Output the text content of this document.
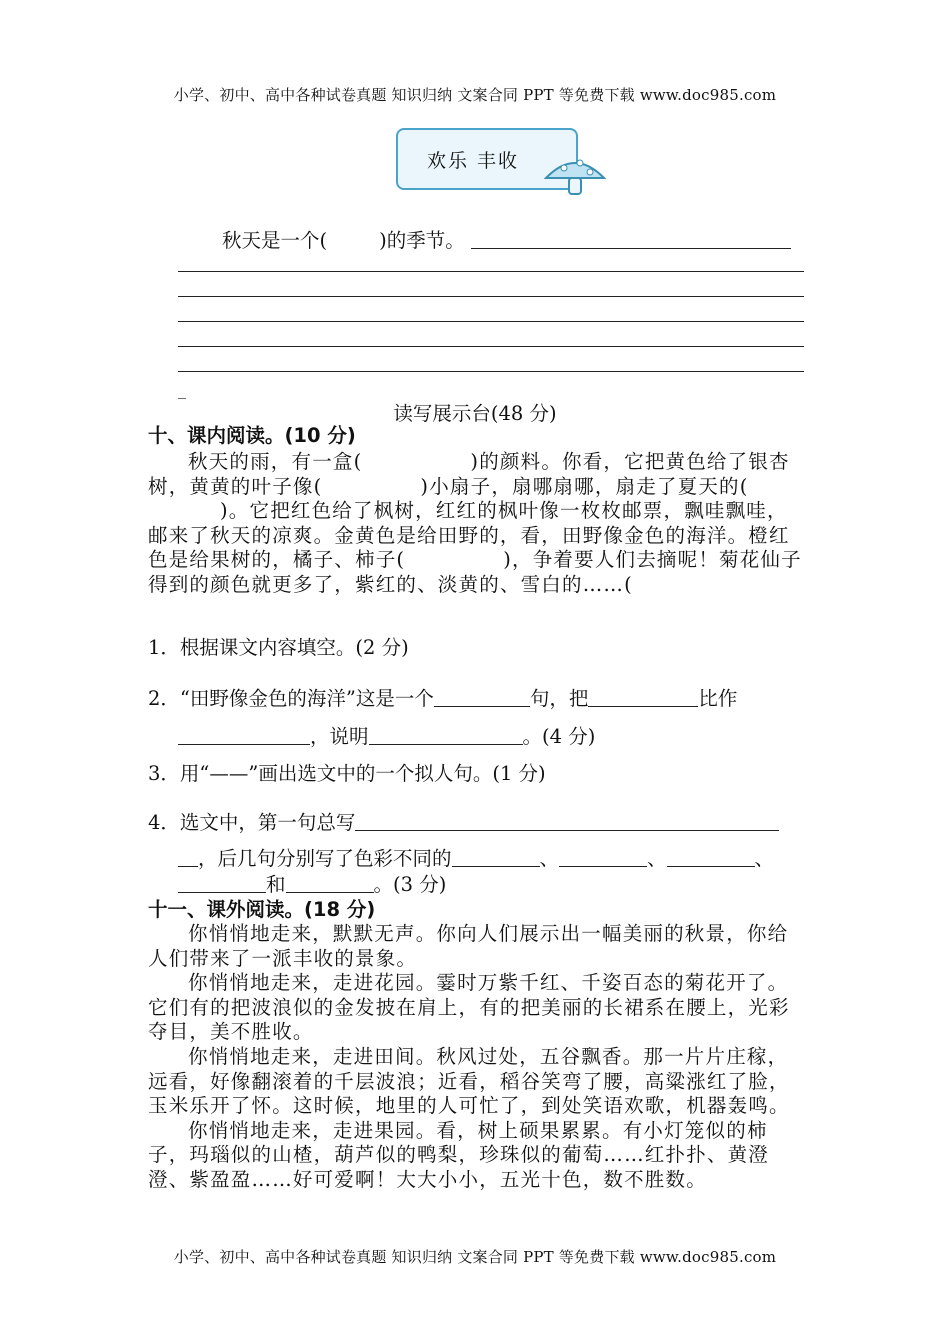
小学、初中、高中各种试卷真题 知识归纳 文案合同 PPT 等免费下载 www.doc985.com
欢乐 丰收
秋天是一个(	)的季节。
_
读写展示台(48 分)
十、课内阅读。(10 分)

秋天的雨，有一盒(	)的颜料。你看，它把黄色给了银杏树，黄黄的叶子像(	)小扇子，扇哪扇哪，扇走了夏天的()。它把红色给了枫树，红红的枫叶像一枚枚邮票，飘哇飘哇，邮来了秋天的凉爽。金黄色是给田野的，看，田野像金色的海洋。橙红色是给果树的，橘子、柿子(	)，争着要人们去摘呢！菊花仙子得到的颜色就更多了，紫红的、淡黄的、雪白的……(

1．根据课文内容填空。(2 分)
2．“田野像金色的海洋”这是一个	句，把	比作
，说明	。(4 分)
3．用“——”画出选文中的一个拟人句。(1 分)
4．选文中，第一句总写
，后几句分别写了色彩不同的	、	、	、
和	。(3 分)
十一、课外阅读。(18 分)

你悄悄地走来，默默无声。你向人们展示出一幅美丽的秋景，你给人们带来了一派丰收的景象。

你悄悄地走来，走进花园。霎时万紫千红、千姿百态的菊花开了。它们有的把波浪似的金发披在肩上，有的把美丽的长裙系在腰上，光彩夺目，美不胜收。

你悄悄地走来，走进田间。秋风过处，五谷飘香。那一片片庄稼，远看，好像翻滚着的千层波浪；近看，稻谷笑弯了腰，高粱涨红了脸，玉米乐开了怀。这时候，地里的人可忙了，到处笑语欢歌，机器轰鸣。

你悄悄地走来，走进果园。看，树上硕果累累。有小灯笼似的柿子，玛瑙似的山楂，葫芦似的鸭梨，珍珠似的葡萄……红扑扑、黄澄澄、紫盈盈……好可爱啊！大大小小，五光十色，数不胜数。

小学、初中、高中各种试卷真题 知识归纳 文案合同 PPT 等免费下载 www.doc985.com
